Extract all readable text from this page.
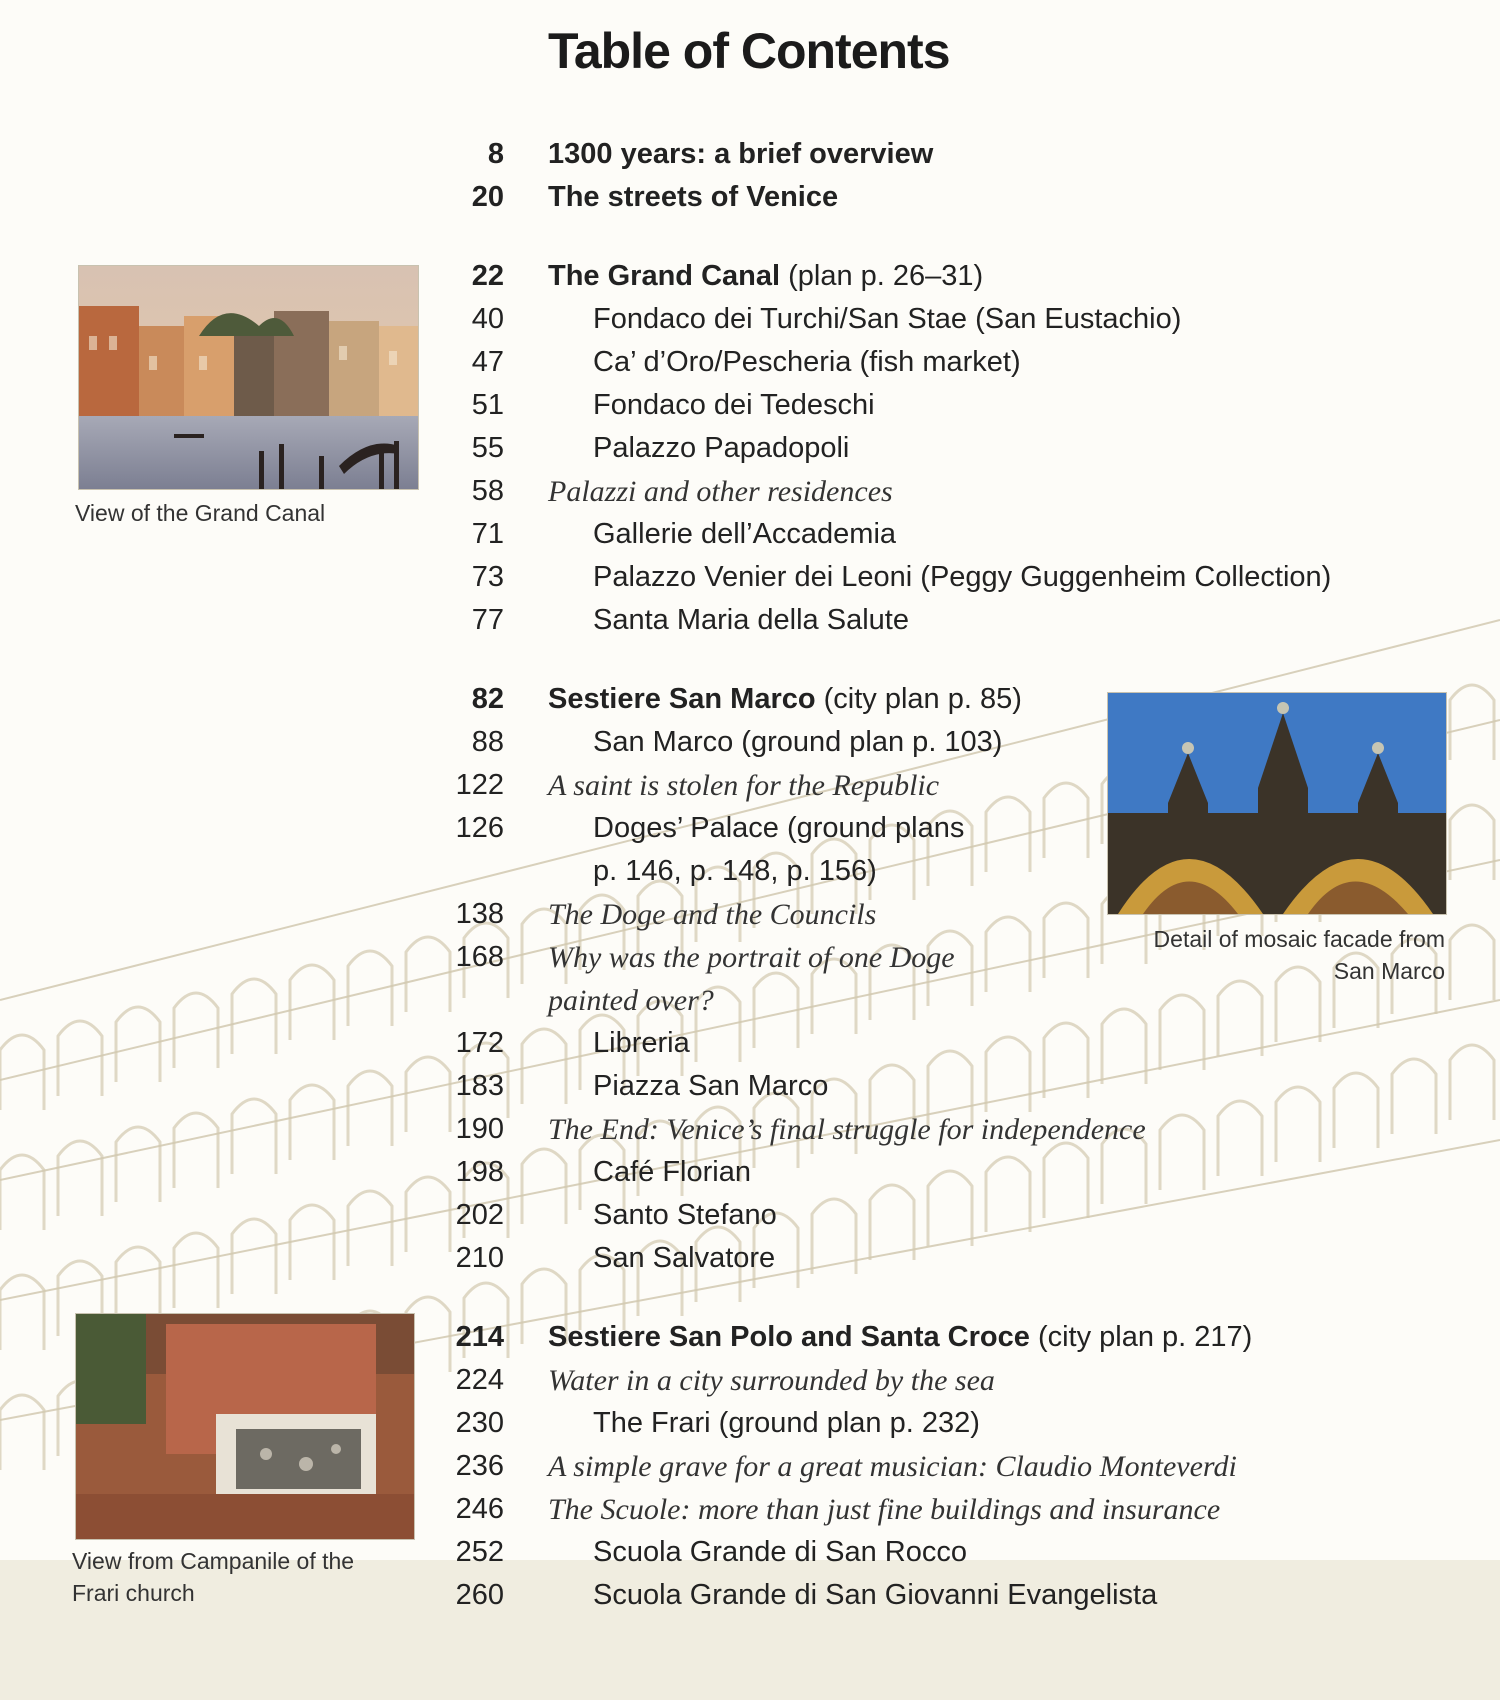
Table of Contents
8 1300 years: a brief overview
20 The streets of Venice
22 The Grand Canal (plan p. 26–31)
40	Fondaco dei Turchi/San Stae (San Eustachio)
47	Ca’ d’Oro/Pescheria (fish market)
51	Fondaco dei Tedeschi
55	Palazzo Papadopoli
58 Palazzi and other residences
71	Gallerie dell’Accademia
73	Palazzo Venier dei Leoni (Peggy Guggenheim Collection)
77	Santa Maria della Salute
82 Sestiere San Marco (city plan p. 85)
88	San Marco (ground plan p. 103)
122 A saint is stolen for the Republic
126	Doges’ Palace (ground plans
p. 146, p. 148, p. 156)
138 The Doge and the Councils
168 Why was the portrait of one Doge
painted over?
172	Libreria
183	Piazza San Marco
190 The End: Venice’s final struggle for independence
198	Café Florian
202	Santo Stefano
210	San Salvatore
214 Sestiere San Polo and Santa Croce (city plan p. 217)
224 Water in a city surrounded by the sea
230	The Frari (ground plan p. 232)
236 A simple grave for a great musician: Claudio Monteverdi
246 The Scuole: more than just fine buildings and insurance
252	Scuola Grande di San Rocco
260	Scuola Grande di San Giovanni Evangelista
View of the Grand Canal
Detail of mosaic facade from
San Marco
View from Campanile of the
Frari church
